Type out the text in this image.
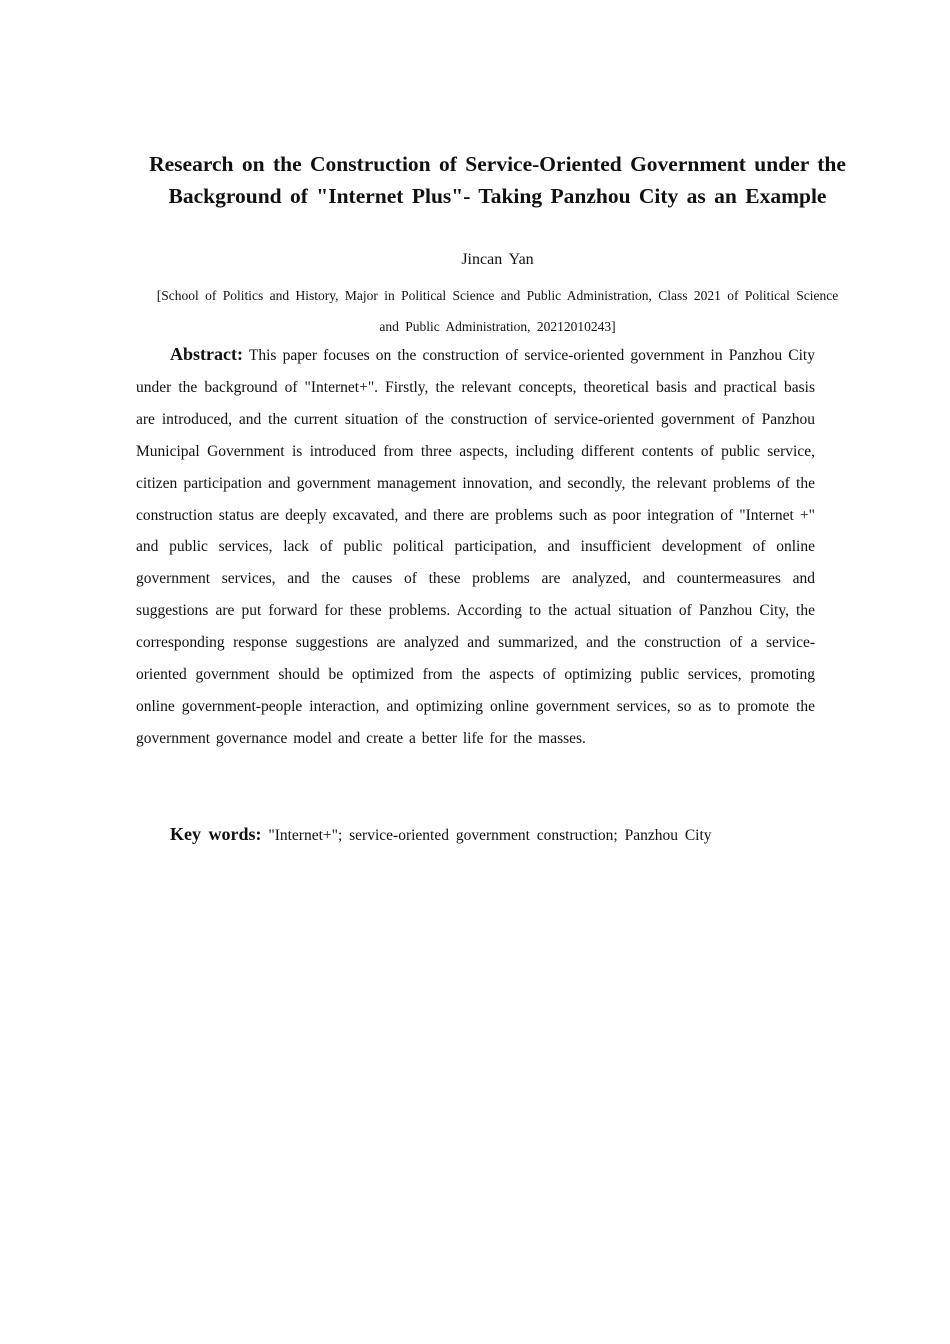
Research on the Construction of Service-Oriented Government under the Background of "Internet Plus"- Taking Panzhou City as an Example
Jincan Yan
[School of Politics and History, Major in Political Science and Public Administration, Class 2021 of Political Science and Public Administration, 20212010243]

Abstract: This paper focuses on the construction of service-oriented government in Panzhou City under the background of "Internet+". Firstly, the relevant concepts, theoretical basis and practical basis are introduced, and the current situation of the construction of service-oriented government of Panzhou Municipal Government is introduced from three aspects, including different contents of public service, citizen participation and government management innovation, and secondly, the relevant problems of the construction status are deeply excavated, and there are problems such as poor integration of "Internet +" and public services, lack of public political participation, and insufficient development of online government services, and the causes of these problems are analyzed, and countermeasures and suggestions are put forward for these problems. According to the actual situation of Panzhou City, the corresponding response suggestions are analyzed and summarized, and the construction of a service-oriented government should be optimized from the aspects of optimizing public services, promoting online government-people interaction, and optimizing online government services, so as to promote the government governance model and create a better life for the masses.

Key words: "Internet+"; service-oriented government construction; Panzhou City
